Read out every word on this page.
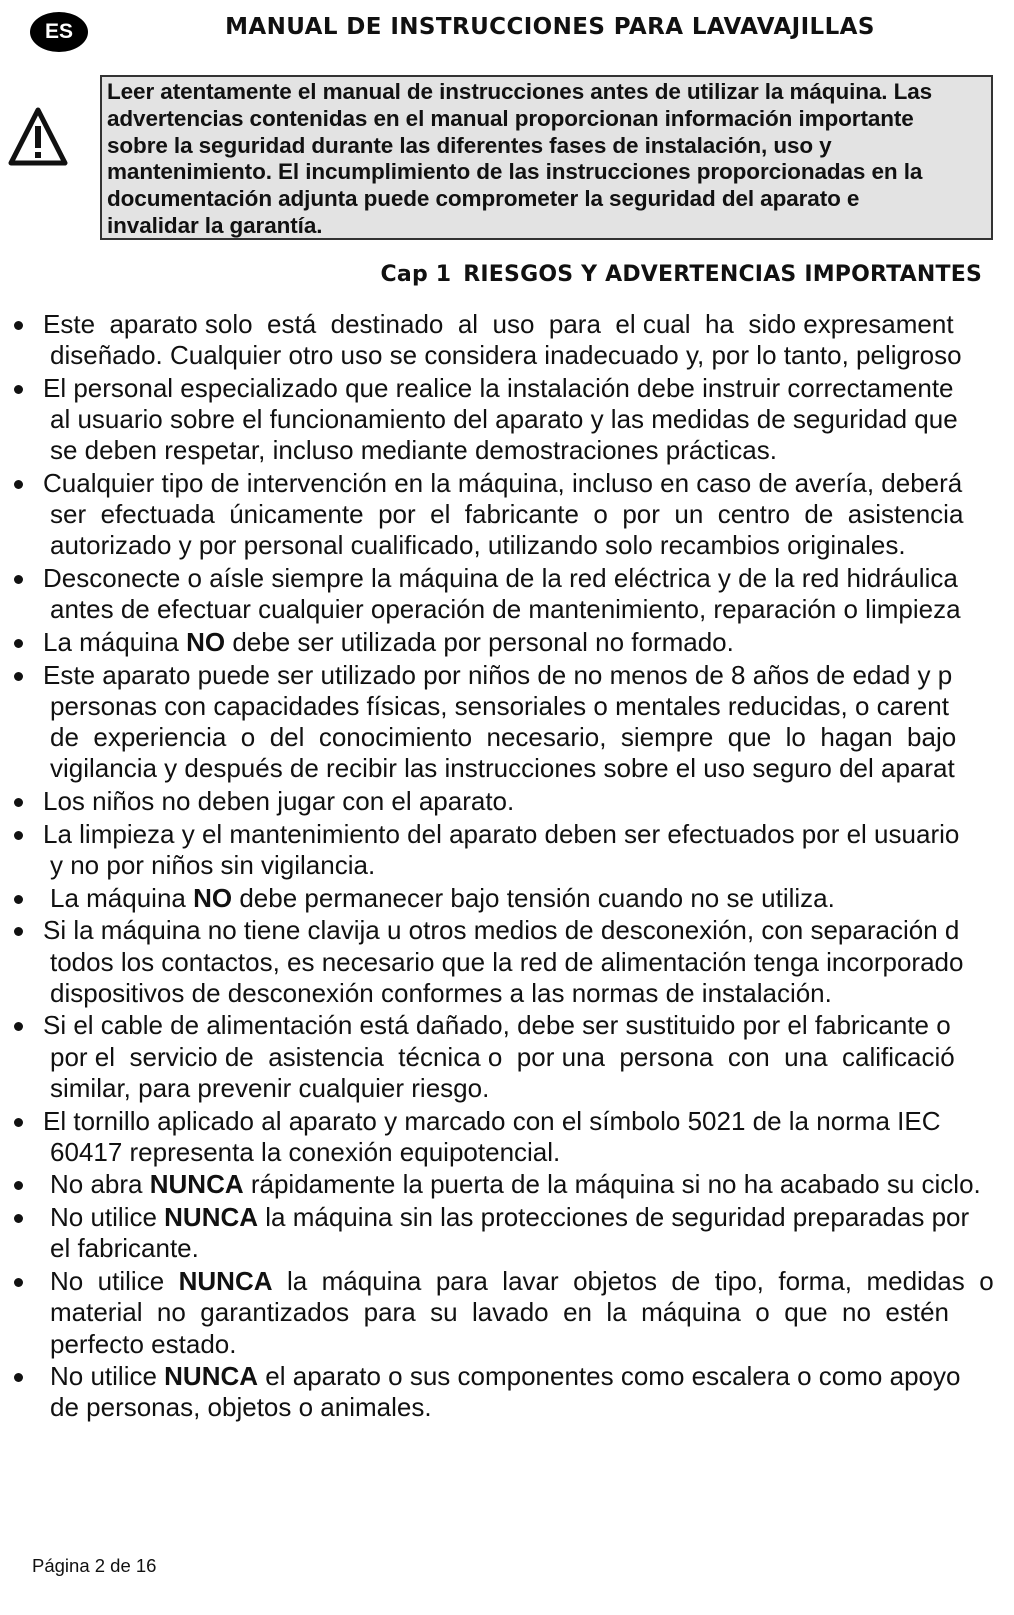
ES	MANUAL DE INSTRUCCIONES PARA LAVAVAJILLAS

Leer atentamente el manual de instrucciones antes de utilizar la máquina. Las

advertencias contenidas en el manual proporcionan información importante

sobre la seguridad durante las diferentes fases de instalación, uso y

mantenimiento. El incumplimiento de las instrucciones proporcionadas en la

documentación adjunta puede comprometer la seguridad del aparato e

invalidar la garantía.

Cap 1 RIESGOS Y ADVERTENCIAS IMPORTANTES
Este  aparato solo  está  destinado  al  uso  para  el cual  ha  sido expresament
diseñado. Cualquier otro uso se considera inadecuado y, por lo tanto, peligroso
El personal especializado que realice la instalación debe instruir correctamente
al usuario sobre el funcionamiento del aparato y las medidas de seguridad que
se deben respetar, incluso mediante demostraciones prácticas.
Cualquier tipo de intervención en la máquina, incluso en caso de avería, deberá
ser  efectuada  únicamente  por  el  fabricante  o  por  un  centro  de  asistencia
autorizado y por personal cualificado, utilizando solo recambios originales.
Desconecte o aísle siempre la máquina de la red eléctrica y de la red hidráulica
antes de efectuar cualquier operación de mantenimiento, reparación o limpieza
La máquina NO debe ser utilizada por personal no formado.
Este aparato puede ser utilizado por niños de no menos de 8 años de edad y p
personas con capacidades físicas, sensoriales o mentales reducidas, o carent
de  experiencia  o  del  conocimiento  necesario,  siempre  que  lo  hagan  bajo
vigilancia y después de recibir las instrucciones sobre el uso seguro del aparat
Los niños no deben jugar con el aparato.
La limpieza y el mantenimiento del aparato deben ser efectuados por el usuario
y no por niños sin vigilancia.
La máquina NO debe permanecer bajo tensión cuando no se utiliza.
Si la máquina no tiene clavija u otros medios de desconexión, con separación d
todos los contactos, es necesario que la red de alimentación tenga incorporado
dispositivos de desconexión conformes a las normas de instalación.
Si el cable de alimentación está dañado, debe ser sustituido por el fabricante o
por el  servicio de  asistencia  técnica o  por una  persona  con  una  calificació
similar, para prevenir cualquier riesgo.
El tornillo aplicado al aparato y marcado con el símbolo 5021 de la norma IEC
60417 representa la conexión equipotencial.
No abra NUNCA rápidamente la puerta de la máquina si no ha acabado su ciclo.
No utilice NUNCA la máquina sin las protecciones de seguridad preparadas por
el fabricante.
No  utilice  NUNCA  la  máquina  para  lavar  objetos  de  tipo,  forma,  medidas  o
material  no  garantizados  para  su  lavado  en  la  máquina  o  que  no  estén
perfecto estado.
No utilice NUNCA el aparato o sus componentes como escalera o como apoyo
de personas, objetos o animales.
Página 2 de 16
